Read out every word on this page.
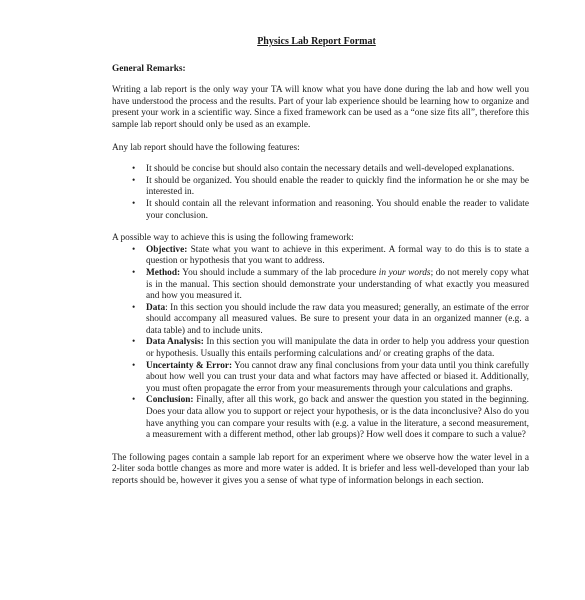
Physics Lab Report Format
General Remarks:

Writing a lab report is the only way your TA will know what you have done during the lab and how well you have understood the process and the results. Part of your lab experience should be learning how to organize and present your work in a scientific way. Since a fixed framework can be used as a “one size fits all”, therefore this sample lab report should only be used as an example.

Any lab report should have the following features:

• It should be concise but should also contain the necessary details and well-developed explanations.
• It should be organized. You should enable the reader to quickly find the information he or she may be interested in.
• It should contain all the relevant information and reasoning. You should enable the reader to validate your conclusion.

A possible way to achieve this is using the following framework:

• Objective: State what you want to achieve in this experiment. A formal way to do this is to state a question or hypothesis that you want to address.
• Method: You should include a summary of the lab procedure in your words; do not merely copy what is in the manual. This section should demonstrate your understanding of what exactly you measured and how you measured it.
• Data: In this section you should include the raw data you measured; generally, an estimate of the error should accompany all measured values. Be sure to present your data in an organized manner (e.g. a data table) and to include units.
• Data Analysis: In this section you will manipulate the data in order to help you address your question or hypothesis. Usually this entails performing calculations and/ or creating graphs of the data.
• Uncertainty & Error: You cannot draw any final conclusions from your data until you think carefully about how well you can trust your data and what factors may have affected or biased it. Additionally, you must often propagate the error from your measurements through your calculations and graphs.
• Conclusion: Finally, after all this work, go back and answer the question you stated in the beginning. Does your data allow you to support or reject your hypothesis, or is the data inconclusive? Also do you have anything you can compare your results with (e.g. a value in the literature, a second measurement, a measurement with a different method, other lab groups)? How well does it compare to such a value?

The following pages contain a sample lab report for an experiment where we observe how the water level in a 2-liter soda bottle changes as more and more water is added. It is briefer and less well-developed than your lab reports should be, however it gives you a sense of what type of information belongs in each section.
